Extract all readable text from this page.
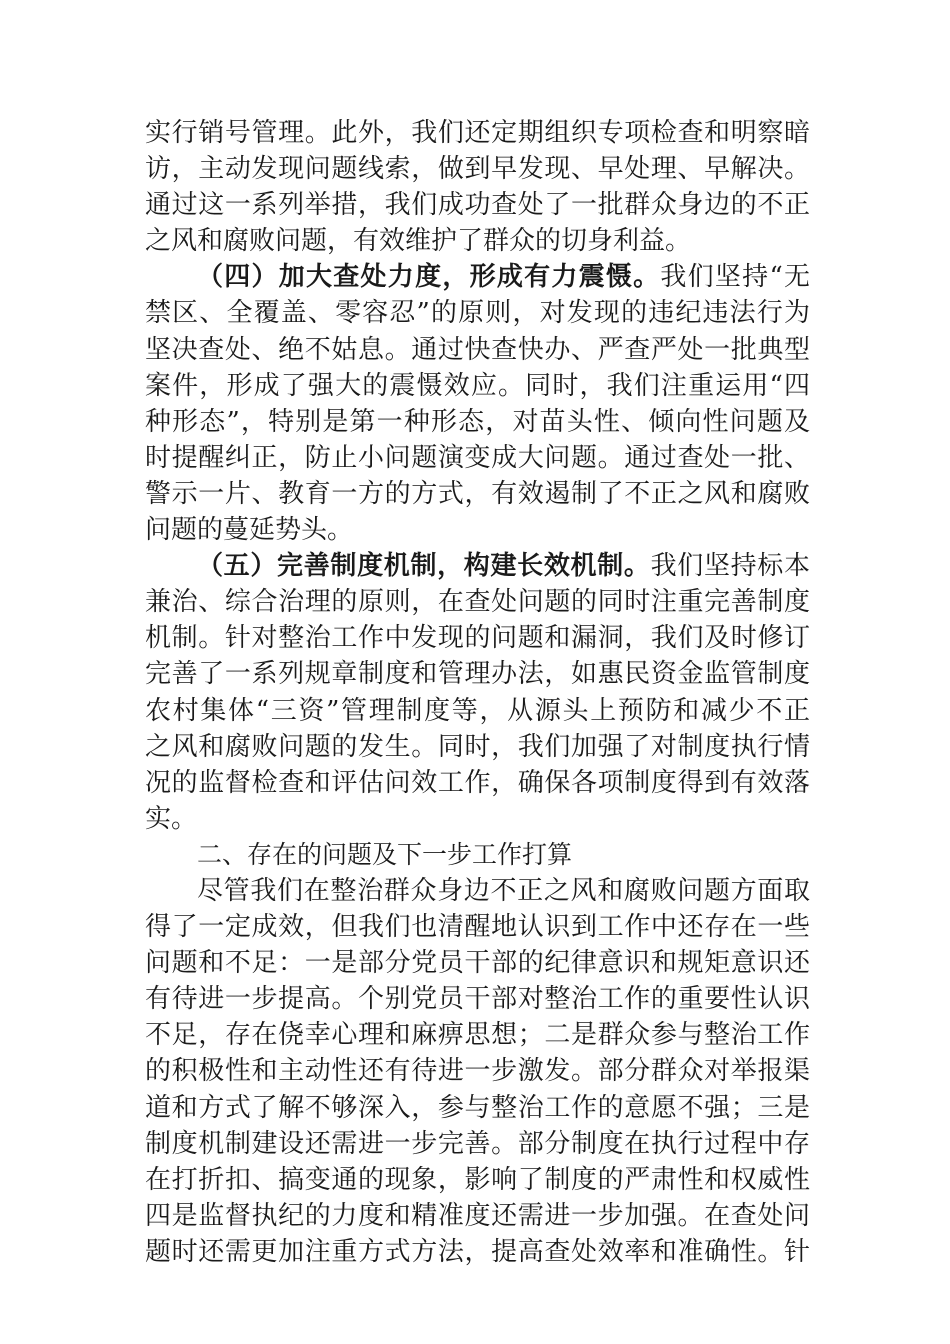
实行销号管理。此外，我们还定期组织专项检查和明察暗
访，主动发现问题线索，做到早发现、早处理、早解决。
通过这一系列举措，我们成功查处了一批群众身边的不正
之风和腐败问题，有效维护了群众的切身利益。
（四）加大查处力度，形成有力震慑。我们坚持“无
禁区、全覆盖、零容忍”的原则，对发现的违纪违法行为
坚决查处、绝不姑息。通过快查快办、严查严处一批典型
案件，形成了强大的震慑效应。同时，我们注重运用“四
种形态”，特别是第一种形态，对苗头性、倾向性问题及
时提醒纠正，防止小问题演变成大问题。通过查处一批、
警示一片、教育一方的方式，有效遏制了不正之风和腐败
问题的蔓延势头。
（五）完善制度机制，构建长效机制。我们坚持标本
兼治、综合治理的原则，在查处问题的同时注重完善制度
机制。针对整治工作中发现的问题和漏洞，我们及时修订
完善了一系列规章制度和管理办法，如惠民资金监管制度
农村集体“三资”管理制度等，从源头上预防和减少不正
之风和腐败问题的发生。同时，我们加强了对制度执行情
况的监督检查和评估问效工作，确保各项制度得到有效落
实。
二、存在的问题及下一步工作打算
尽管我们在整治群众身边不正之风和腐败问题方面取
得了一定成效，但我们也清醒地认识到工作中还存在一些
问题和不足：一是部分党员干部的纪律意识和规矩意识还
有待进一步提高。个别党员干部对整治工作的重要性认识
不足，存在侥幸心理和麻痹思想；二是群众参与整治工作
的积极性和主动性还有待进一步激发。部分群众对举报渠
道和方式了解不够深入，参与整治工作的意愿不强；三是
制度机制建设还需进一步完善。部分制度在执行过程中存
在打折扣、搞变通的现象，影响了制度的严肃性和权威性
四是监督执纪的力度和精准度还需进一步加强。在查处问
题时还需更加注重方式方法，提高查处效率和准确性。针
